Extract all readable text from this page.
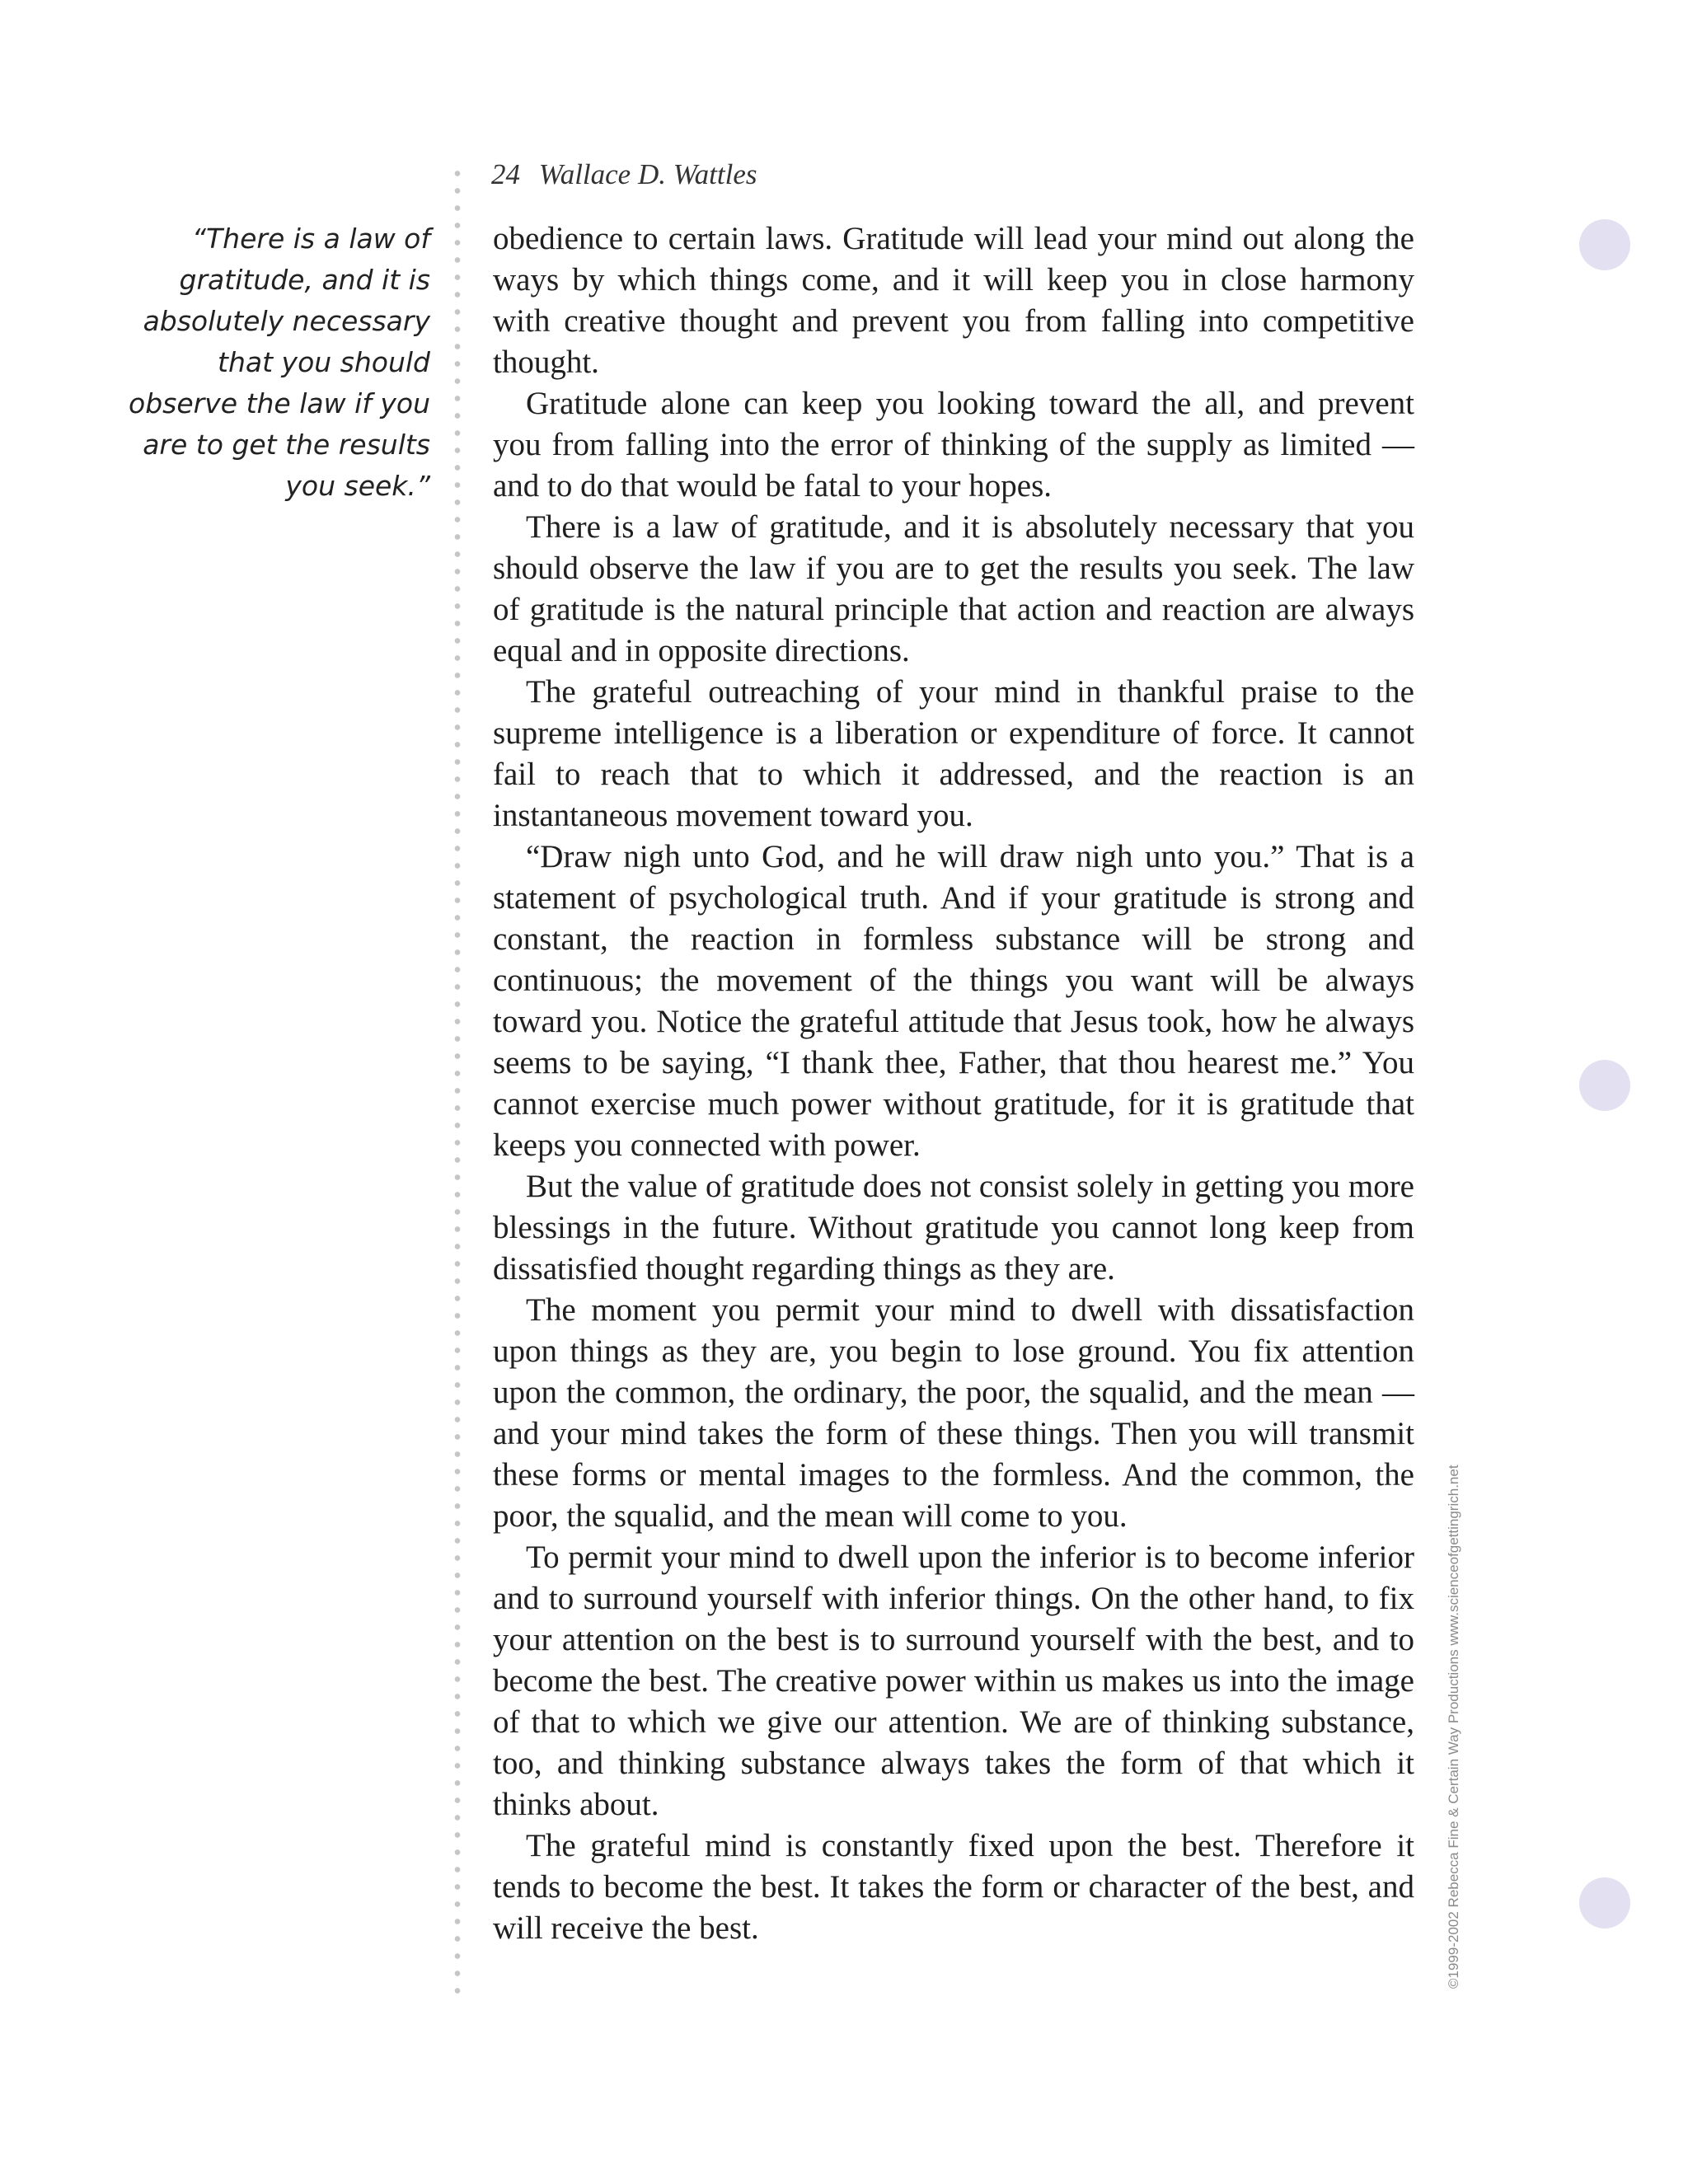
24 Wallace D. Wattles
“There is a law of gratitude, and it is absolutely necessary that you should observe the law if you are to get the results you seek.”

obedience to certain laws. Gratitude will lead your mind out along the ways by which things come, and it will keep you in close harmony with creative thought and prevent you from falling into competitive thought.

Gratitude alone can keep you looking toward the all, and prevent you from falling into the error of thinking of the supply as limited — and to do that would be fatal to your hopes.

There is a law of gratitude, and it is absolutely necessary that you should observe the law if you are to get the results you seek. The law of gratitude is the natural principle that action and reaction are always equal and in opposite directions.

The grateful outreaching of your mind in thankful praise to the supreme intelligence is a liberation or expenditure of force. It cannot fail to reach that to which it addressed, and the reaction is an instantaneous movement toward you.

“Draw nigh unto God, and he will draw nigh unto you.” That is a statement of psychological truth. And if your gratitude is strong and constant, the reaction in formless substance will be strong and continuous; the movement of the things you want will be always toward you. Notice the grateful attitude that Jesus took, how he always seems to be saying, “I thank thee, Father, that thou hearest me.” You cannot exercise much power without gratitude, for it is gratitude that keeps you connected with power.

But the value of gratitude does not consist solely in getting you more blessings in the future. Without gratitude you cannot long keep from dissatisfied thought regarding things as they are.

The moment you permit your mind to dwell with dissatisfaction upon things as they are, you begin to lose ground. You fix attention upon the common, the ordinary, the poor, the squalid, and the mean — and your mind takes the form of these things. Then you will transmit these forms or mental images to the formless. And the common, the poor, the squalid, and the mean will come to you.

To permit your mind to dwell upon the inferior is to become inferior and to surround yourself with inferior things. On the other hand, to fix your attention on the best is to surround yourself with the best, and to become the best. The creative power within us makes us into the image of that to which we give our attention. We are of thinking substance, too, and thinking substance always takes the form of that which it thinks about.

The grateful mind is constantly fixed upon the best. Therefore it tends to become the best. It takes the form or character of the best, and will receive the best.	©1999-2002 Rebecca Fine & Certain Way Productions www.scienceofgettingrich.net
